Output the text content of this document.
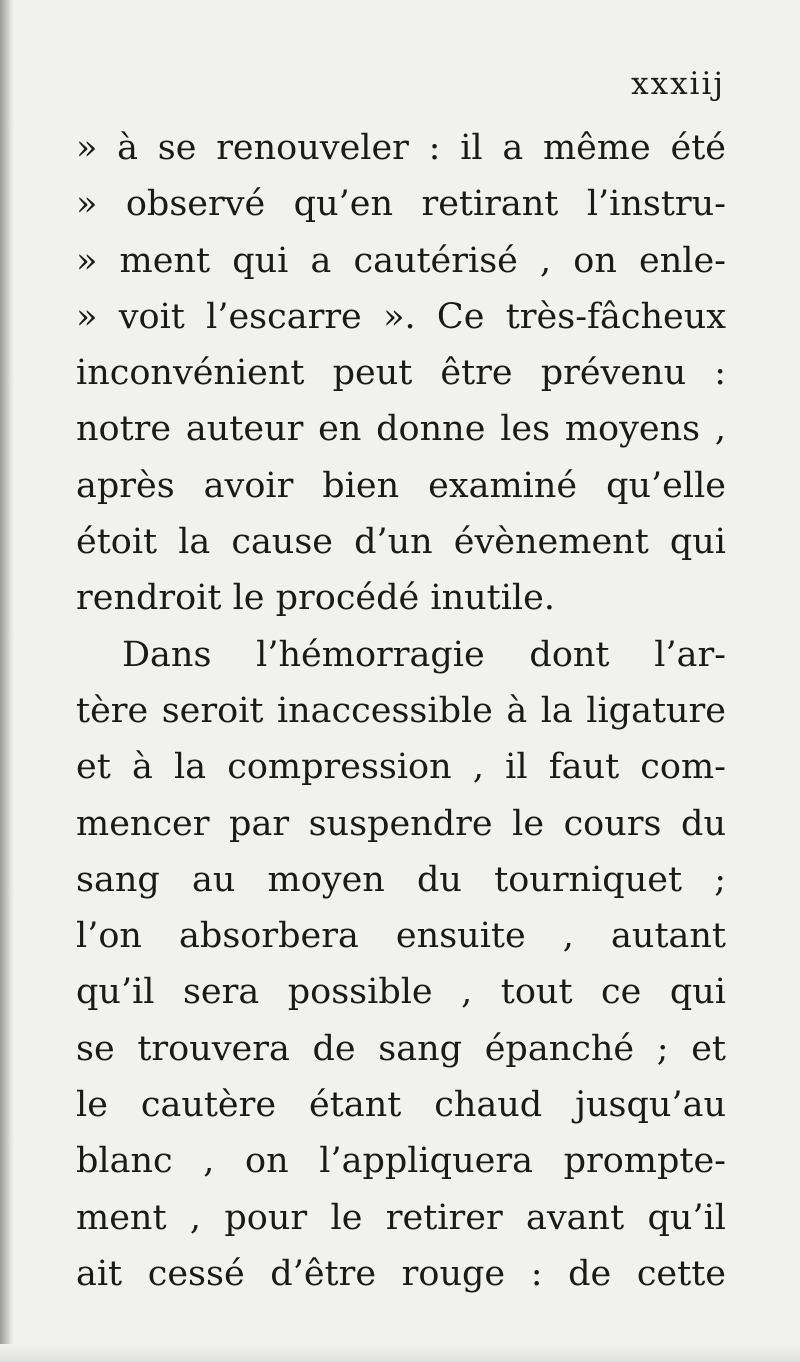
xxxiij
» à se renouveler : il a même été
» observé qu’en retirant l’instru-
» ment qui a cautérisé , on enle-
» voit l’escarre ». Ce très-fâcheux
inconvénient peut être prévenu :
notre auteur en donne les moyens ,
après avoir bien examiné qu’elle
étoit la cause d’un évènement qui
rendroit le procédé inutile.
Dans l’hémorragie dont l’ar-
tère seroit inaccessible à la ligature
et à la compression , il faut com-
mencer par suspendre le cours du
sang au moyen du tourniquet ;
l’on absorbera ensuite , autant
qu’il sera possible , tout ce qui
se trouvera de sang épanché ; et
le cautère étant chaud jusqu’au
blanc , on l’appliquera prompte-
ment , pour le retirer avant qu’il
ait cessé d’être rouge : de cette
